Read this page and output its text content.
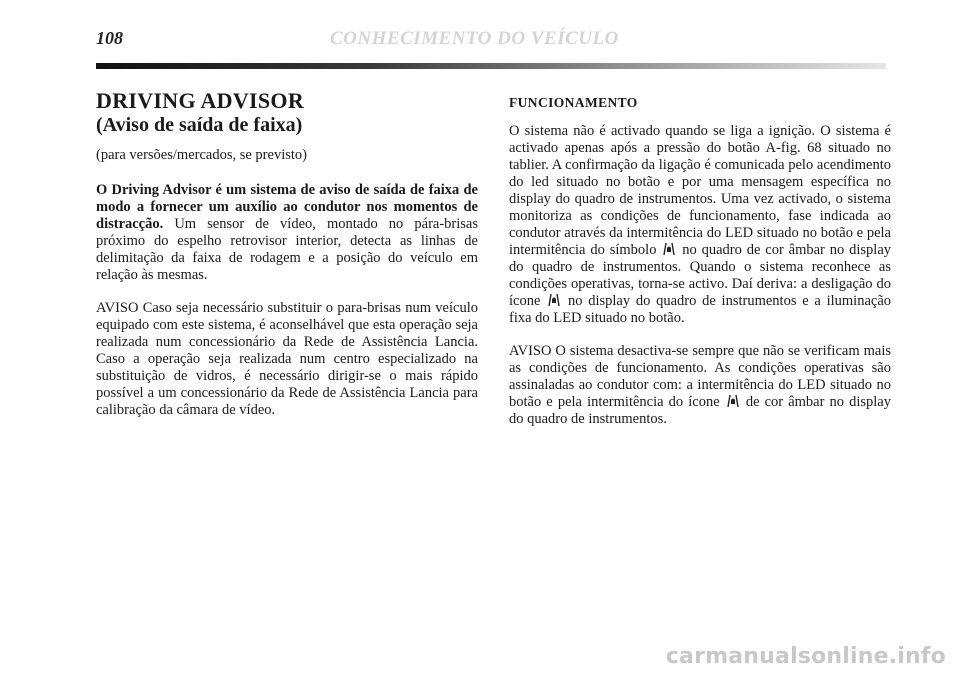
108	CONHECIMENTO DO VEÍCULO
DRIVING ADVISOR
(Aviso de saída de faixa)

(para versões/mercados, se previsto)

O Driving Advisor é um sistema de aviso de saída de faixa de modo a fornecer um auxílio ao condutor nos momentos de distracção. Um sensor de vídeo, montado no pára-brisas próximo do espelho retrovisor interior, detecta as linhas de delimitação da faixa de rodagem e a posição do veículo em relação às mesmas.

AVISO Caso seja necessário substituir o para-brisas num veículo equipado com este sistema, é aconselhável que esta operação seja realizada num concessionário da Rede de Assistência Lancia. Caso a operação seja realizada num centro especializado na substituição de vidros, é necessário dirigir-se o mais rápido possível a um concessionário da Rede de Assistência Lancia para calibração da câmara de vídeo.

FUNCIONAMENTO

O sistema não é activado quando se liga a ignição. O sistema é activado apenas após a pressão do botão A-fig. 68 situado no tablier. A confirmação da ligação é comunicada pelo acendimento do led situado no botão e por uma mensagem específica no display do quadro de instrumentos. Uma vez activado, o sistema monitoriza as condições de funcionamento, fase indicada ao condutor através da intermitência do LED situado no botão e pela intermitência do símbolo no quadro de cor âmbar no display do quadro de instrumentos. Quando o sistema reconhece as condições operativas, torna-se activo. Daí deriva: a desligação do ícone no display do quadro de instrumentos e a iluminação fixa do LED situado no botão.

AVISO O sistema desactiva-se sempre que não se verificam mais as condições de funcionamento. As condições operativas são assinaladas ao condutor com: a intermitência do LED situado no botão e pela intermitência do ícone de cor âmbar no display do quadro de instrumentos.

carmanualsonline.info
